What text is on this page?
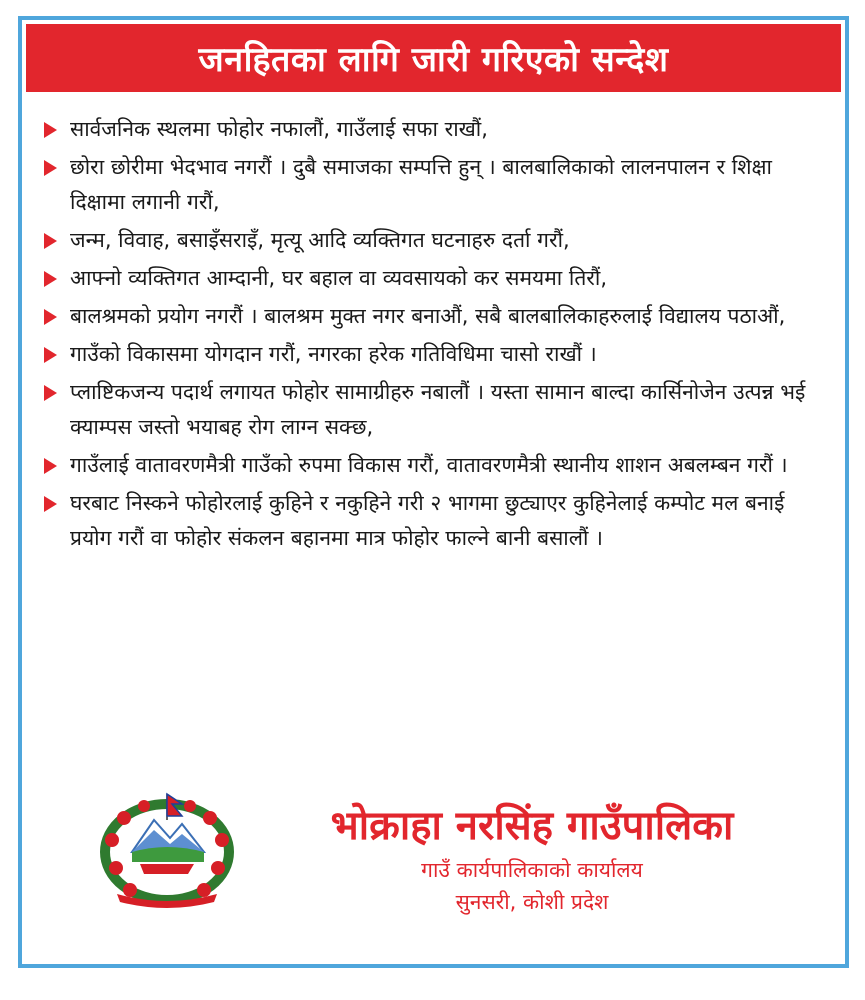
जनहितका लागि जारी गरिएको सन्देश
सार्वजनिक स्थलमा फोहोर नफालौं, गाउँलाई सफा राखौं,
छोरा छोरीमा भेदभाव नगरौं । दुबै समाजका सम्पत्ति हुन् । बालबालिकाको लालनपालन र शिक्षा दिक्षामा लगानी गरौं,
जन्म, विवाह, बसाइँसराइँ, मृत्यू आदि व्यक्तिगत घटनाहरु दर्ता गरौं,
आफ्नो व्यक्तिगत आम्दानी, घर बहाल वा व्यवसायको कर समयमा तिरौं,
बालश्रमको प्रयोग नगरौं । बालश्रम मुक्त नगर बनाऔं, सबै बालबालिकाहरुलाई विद्यालय पठाऔं,
गाउँको विकासमा योगदान गरौं, नगरका हरेक गतिविधिमा चासो राखौं ।
प्लाष्टिकजन्य पदार्थ लगायत फोहोर सामाग्रीहरु नबालौं । यस्ता सामान बाल्दा कार्सिनोजेन उत्पन्न भई क्याम्पस जस्तो भयाबह रोग लाग्न सक्छ,
गाउँलाई वातावरणमैत्री गाउँको रुपमा विकास गरौं, वातावरणमैत्री स्थानीय शाशन अबलम्बन गरौं ।
घरबाट निस्कने फोहोरलाई कुहिने र नकुहिने गरी २ भागमा छुट्याएर कुहिनेलाई कम्पोट मल बनाई प्रयोग गरौं वा फोहोर संकलन बहानमा मात्र फोहोर फाल्ने बानी बसालौं ।
भोक्राहा नरसिंह गाउँपालिका
गाउँ कार्यपालिकाको कार्यालय
सुनसरी, कोशी प्रदेश
